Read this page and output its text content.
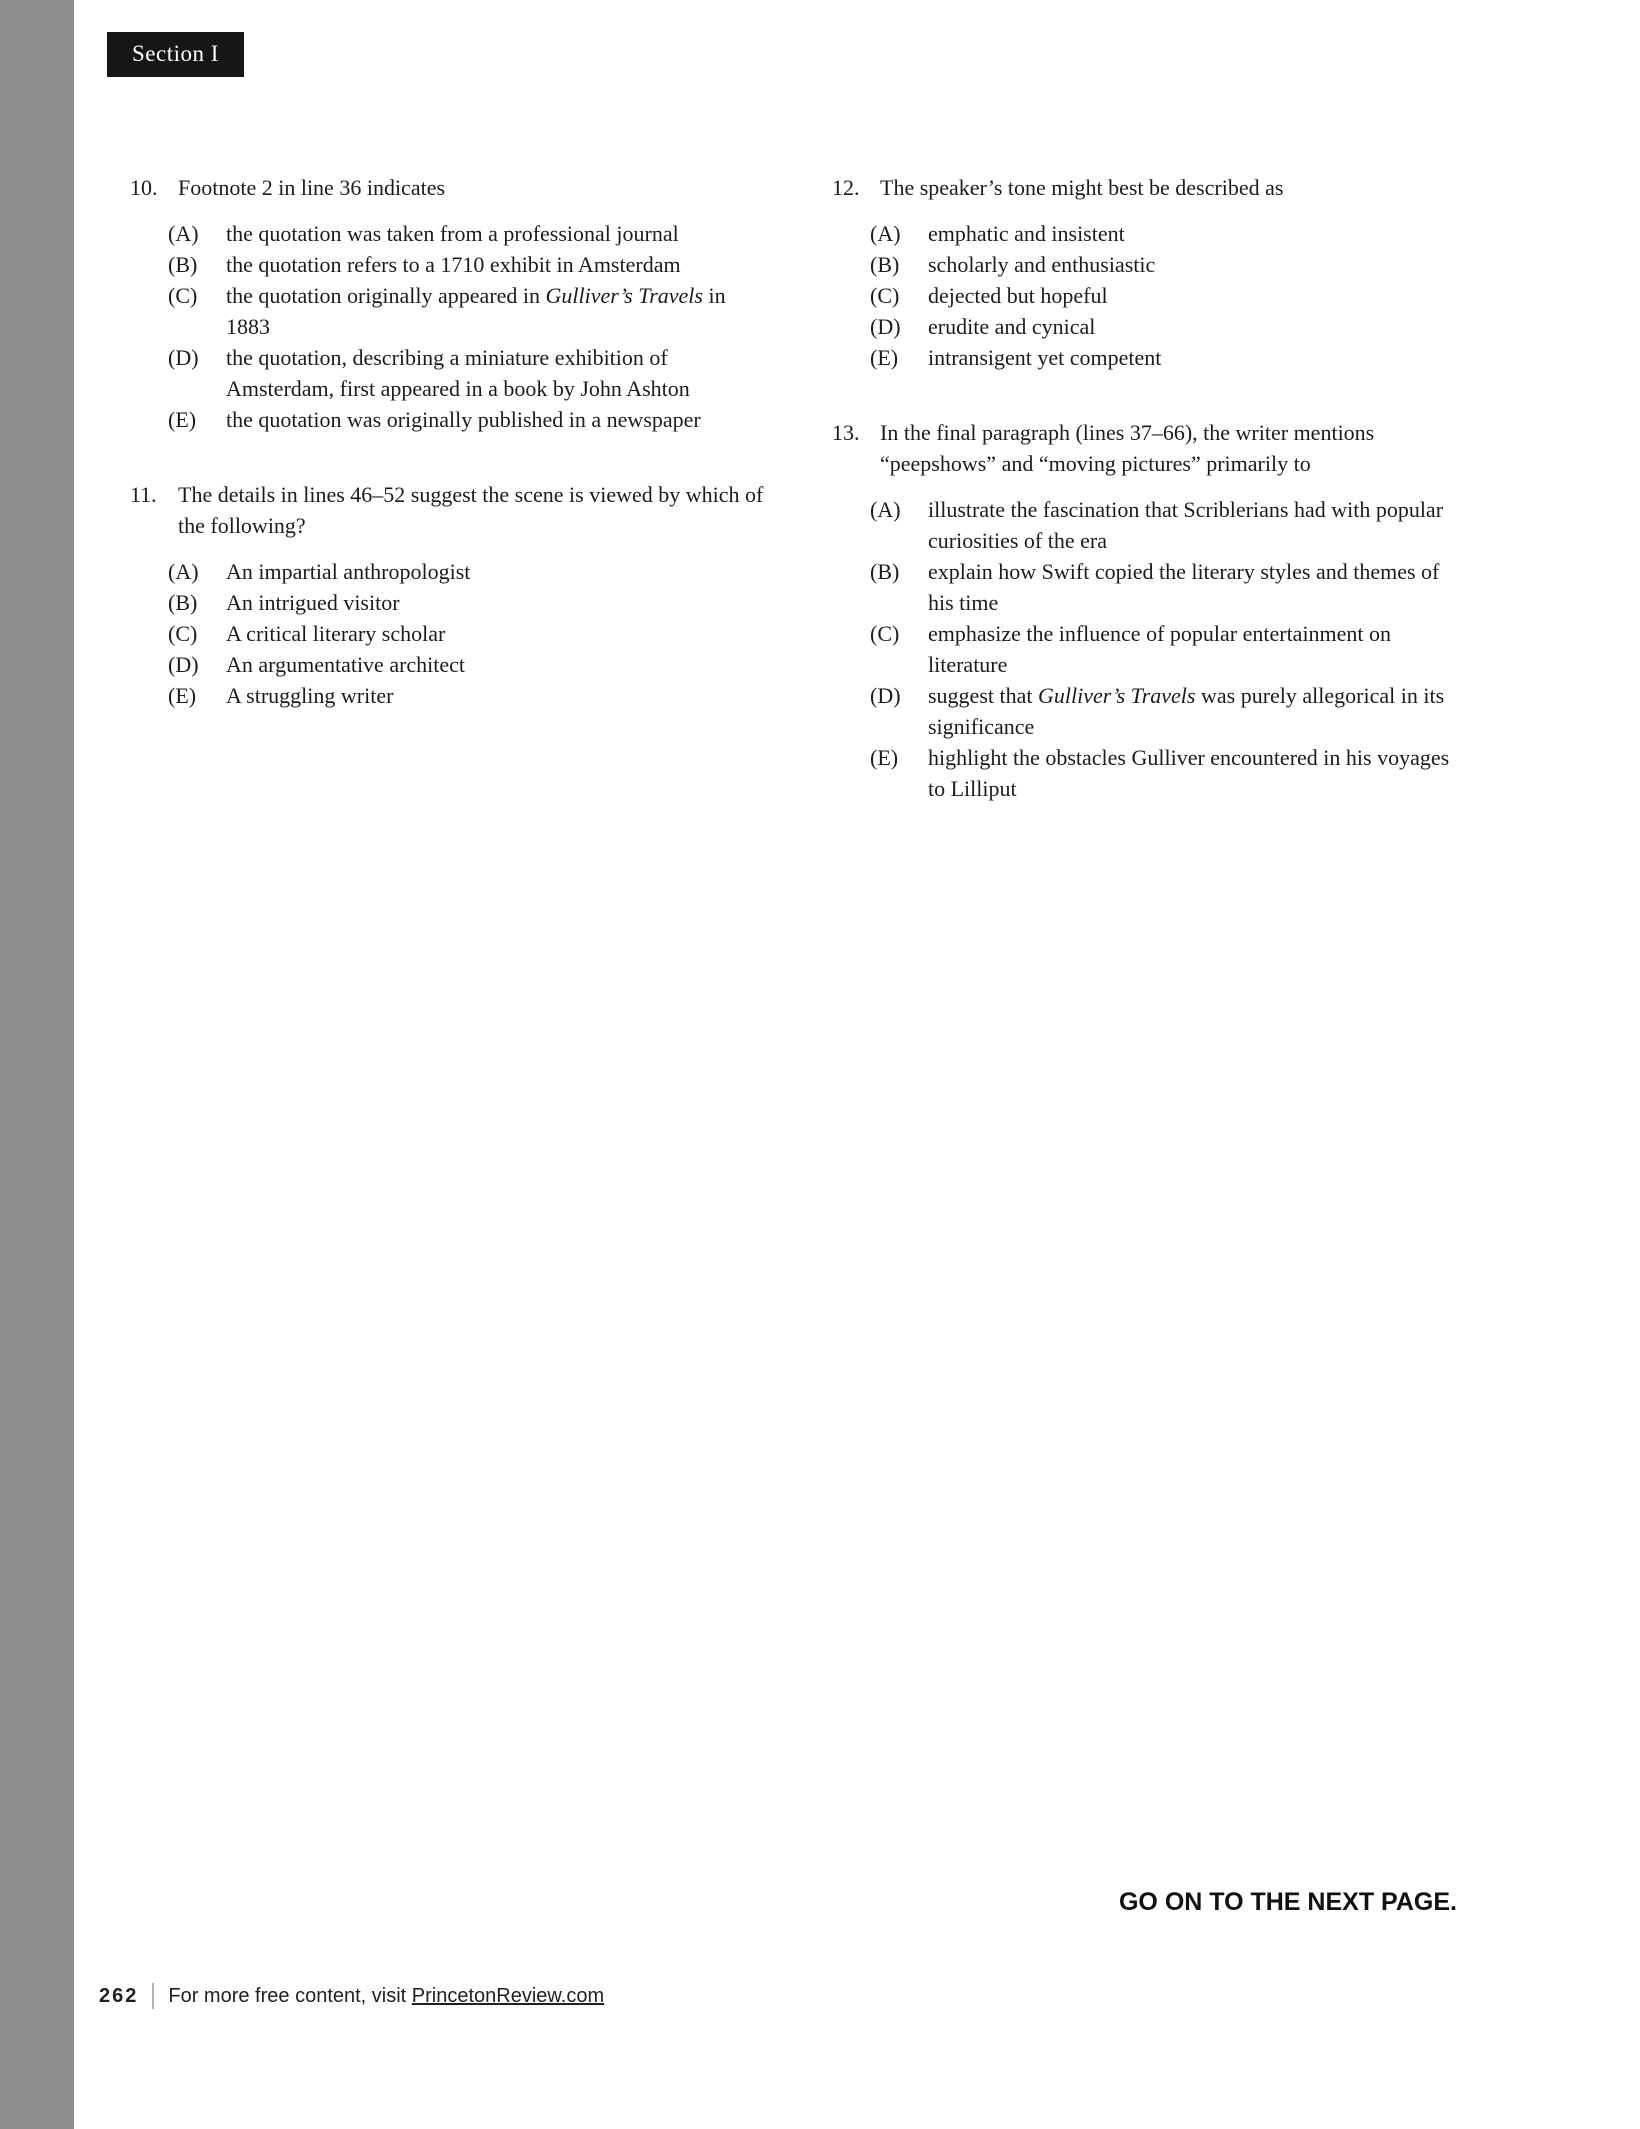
Section I
10. Footnote 2 in line 36 indicates
(A)	the quotation was taken from a professional journal
(B)	the quotation refers to a 1710 exhibit in Amsterdam
(C)	the quotation originally appeared in Gulliver’s Travels in 1883
(D)	the quotation, describing a miniature exhibition of Amsterdam, first appeared in a book by John Ashton
(E)	the quotation was originally published in a newspaper
11. The details in lines 46–52 suggest the scene is viewed by which of the following?
(A)	An impartial anthropologist
(B)	An intrigued visitor
(C)	A critical literary scholar
(D)	An argumentative architect
(E)	A struggling writer
12. The speaker’s tone might best be described as
(A)	emphatic and insistent
(B)	scholarly and enthusiastic
(C)	dejected but hopeful
(D)	erudite and cynical
(E)	intransigent yet competent
13. In the final paragraph (lines 37–66), the writer mentions “peepshows” and “moving pictures” primarily to
(A)	illustrate the fascination that Scriblerians had with popular curiosities of the era
(B)	explain how Swift copied the literary styles and themes of his time
(C)	emphasize the influence of popular entertainment on literature
(D)	suggest that Gulliver’s Travels was purely allegorical in its significance
(E)	highlight the obstacles Gulliver encountered in his voyages to Lilliput
GO ON TO THE NEXT PAGE.
262 For more free content, visit PrincetonReview.com
